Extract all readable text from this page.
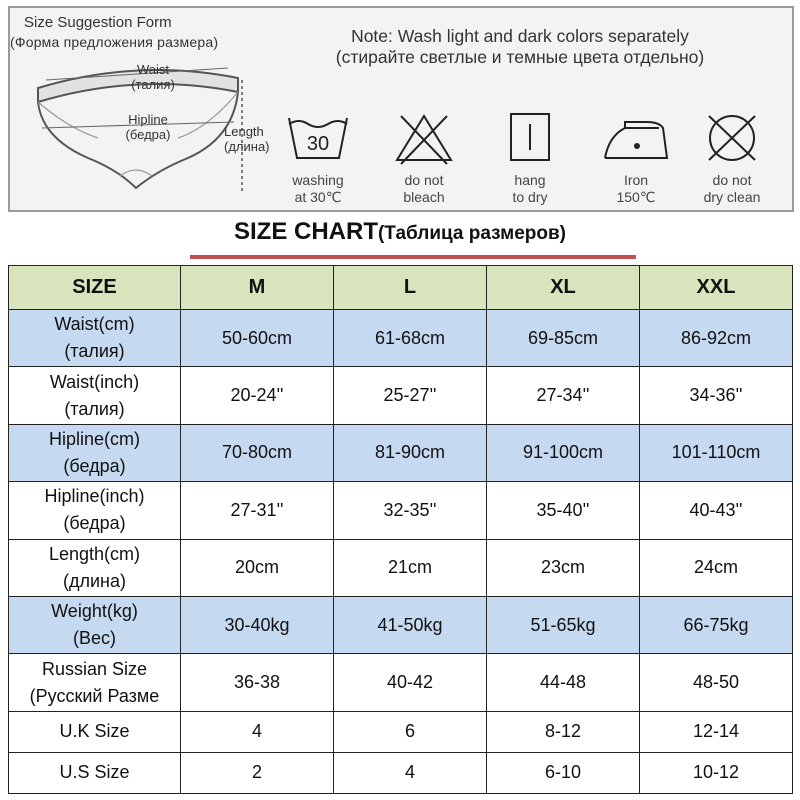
Size Suggestion Form
(Форма предложения размера)
Waist
(талия)
Hipline
(бедра)	Length
(длина)
Note: Wash light and dark colors separately
(стирайте светлые и темные цвета отдельно)
30
washing
at 30℃
do not
bleach
hang
to dry
Iron
150℃
do not
dry clean
SIZE CHART(Таблица размеров)
SIZE	M	L	XL	XXL

Waist(cm)
(талия)	50-60cm	61-68cm	69-85cm	86-92cm

Waist(inch)
(талия)	20-24''	25-27''	27-34''	34-36''

Hipline(cm)
(бедра)	70-80cm	81-90cm	91-100cm	101-110cm

Hipline(inch)
(бедра)	27-31''	32-35''	35-40''	40-43''

Length(cm)
(длина)	20cm	21cm	23cm	24cm

Weight(kg)
(Вес)	30-40kg	41-50kg	51-65kg	66-75kg

Russian Size
(Русский Разме	36-38	40-42	44-48	48-50
U.K Size	4	6	8-12	12-14
U.S Size	2	4	6-10	10-12
